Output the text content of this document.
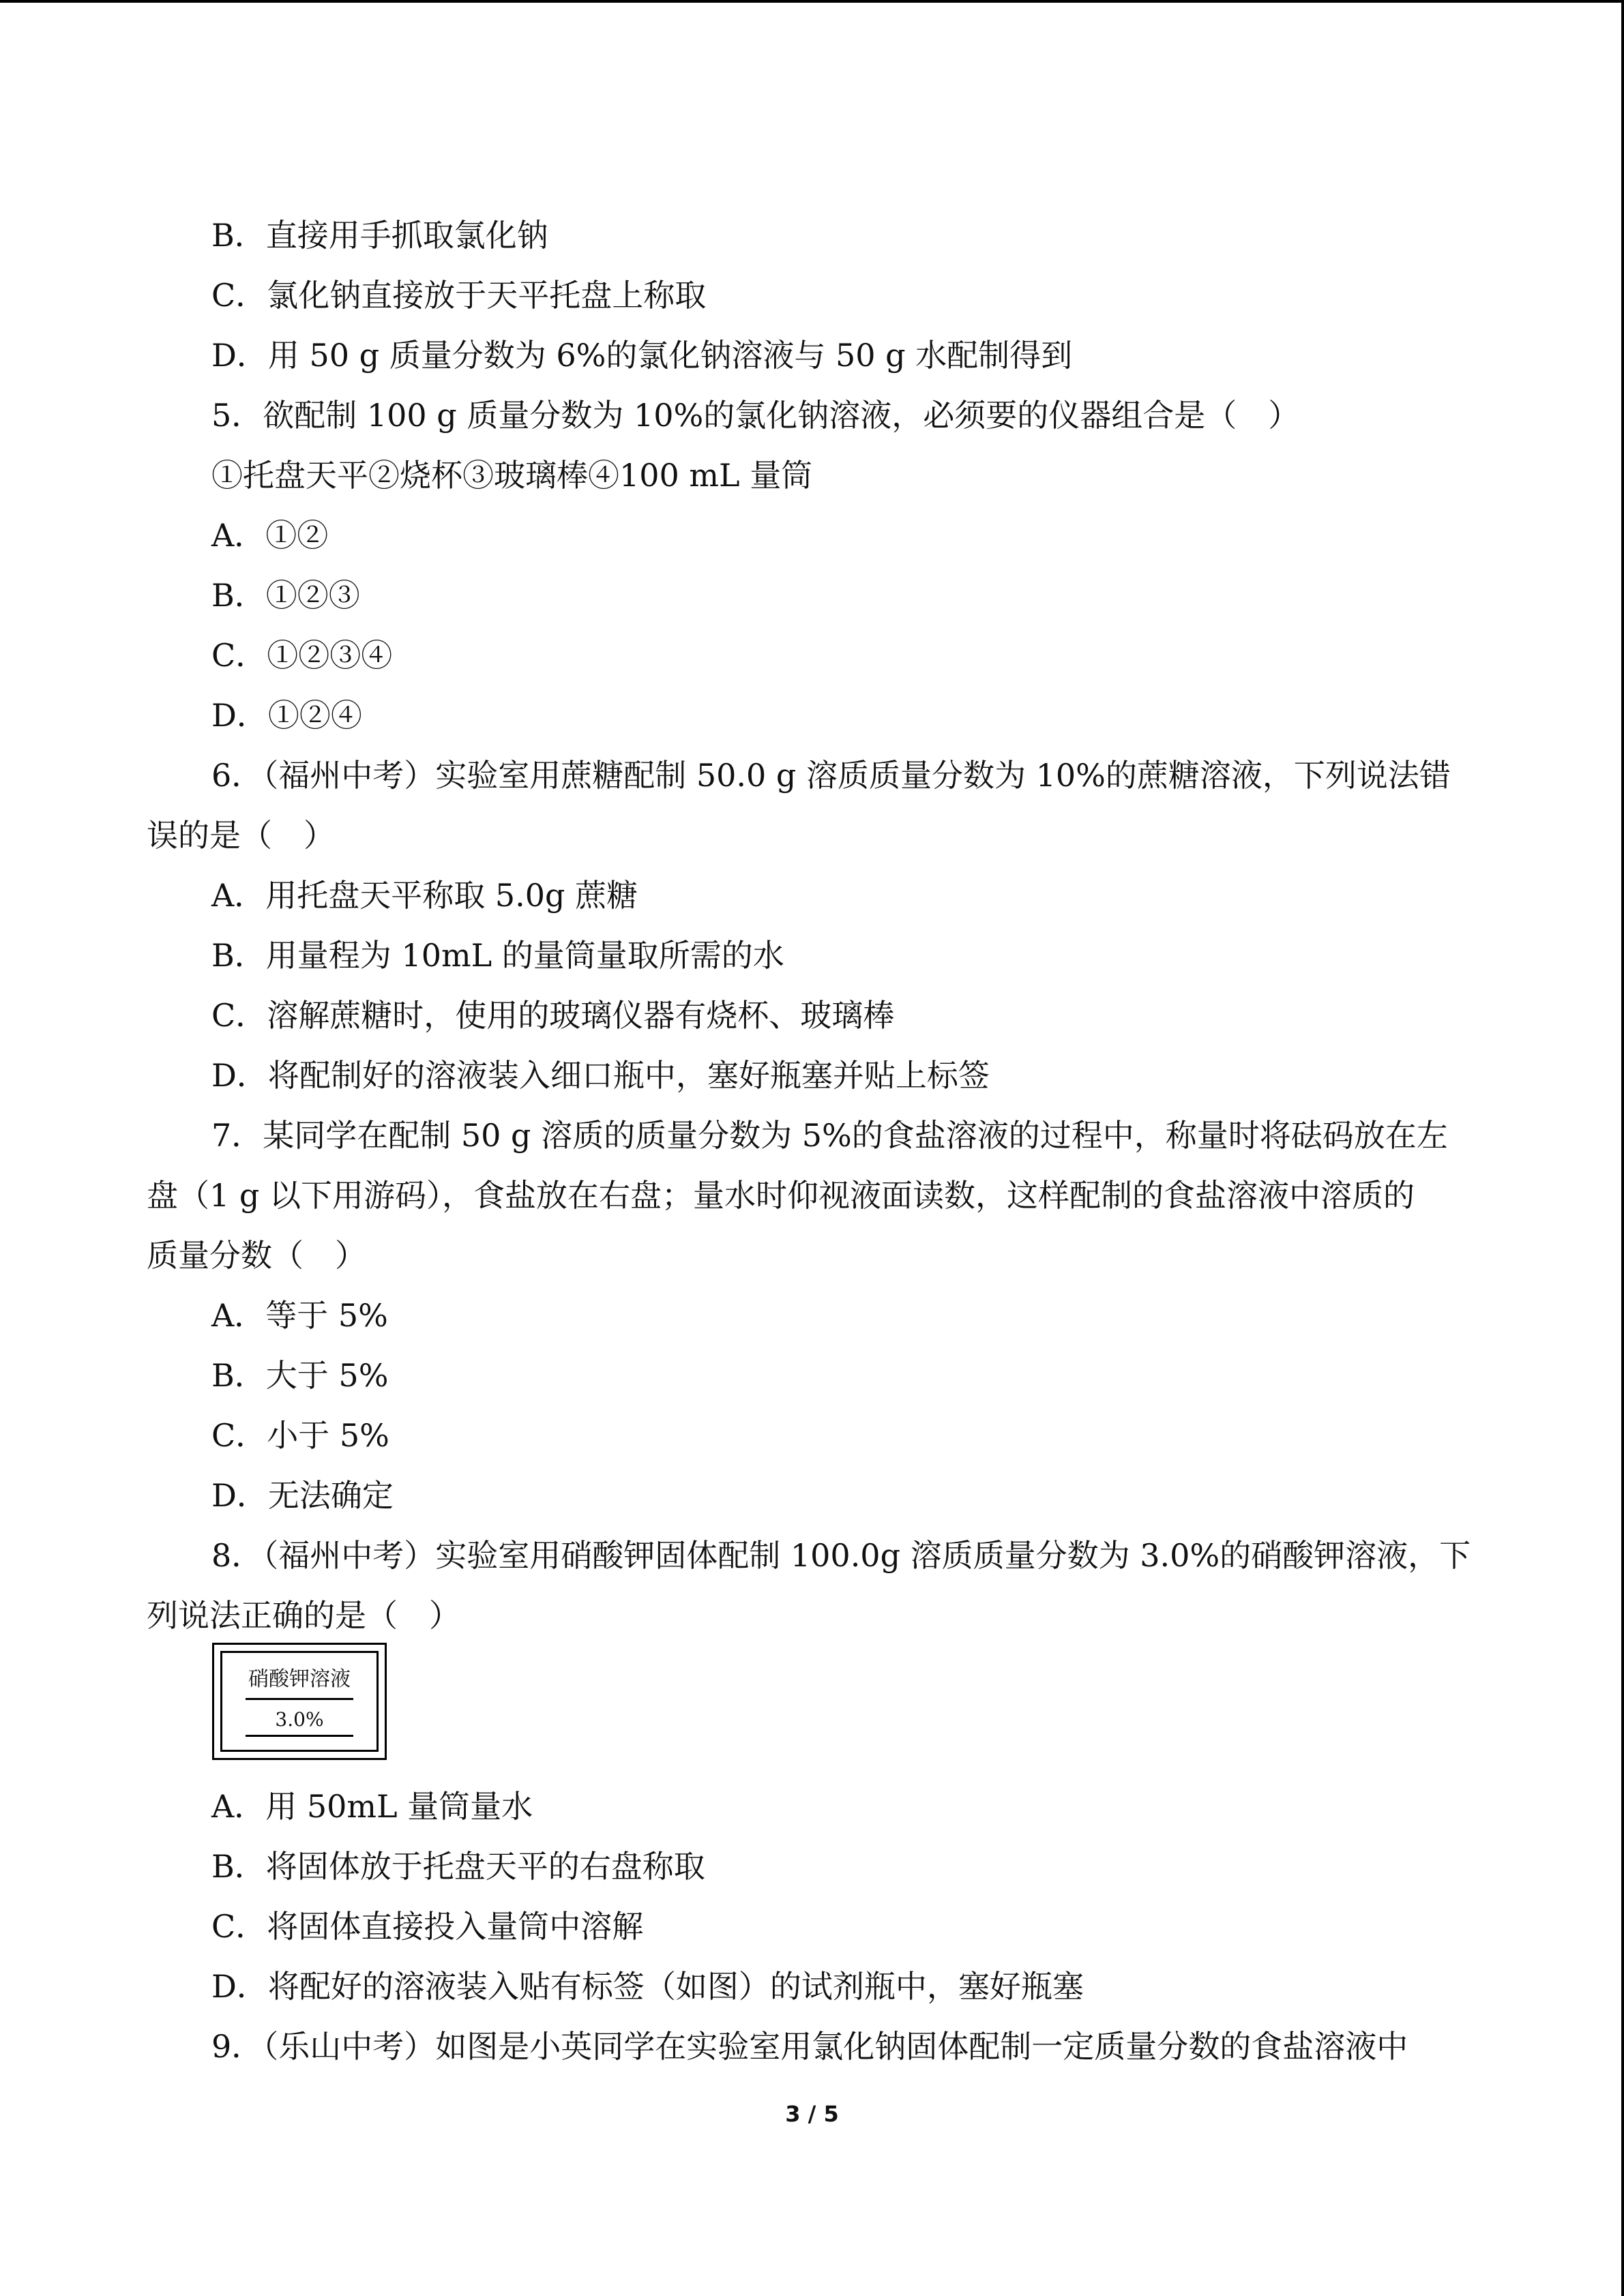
B．直接用手抓取氯化钠
C．氯化钠直接放于天平托盘上称取
D．用 50 g 质量分数为 6%的氯化钠溶液与 50 g 水配制得到
5．欲配制 100 g 质量分数为 10%的氯化钠溶液，必须要的仪器组合是（　）
①托盘天平②烧杯③玻璃棒④100 mL 量筒
A．①②
B．①②③
C．①②③④
D．①②④
6．（福州中考）实验室用蔗糖配制 50.0 g 溶质质量分数为 10%的蔗糖溶液，下列说法错
误的是（　）
A．用托盘天平称取 5.0g 蔗糖
B．用量程为 10mL 的量筒量取所需的水
C．溶解蔗糖时，使用的玻璃仪器有烧杯、玻璃棒
D．将配制好的溶液装入细口瓶中，塞好瓶塞并贴上标签
7．某同学在配制 50 g 溶质的质量分数为 5%的食盐溶液的过程中，称量时将砝码放在左
盘（1 g 以下用游码），食盐放在右盘；量水时仰视液面读数，这样配制的食盐溶液中溶质的
质量分数（　）
A．等于 5%
B．大于 5%
C．小于 5%
D．无法确定
8．（福州中考）实验室用硝酸钾固体配制 100.0g 溶质质量分数为 3.0%的硝酸钾溶液，下
列说法正确的是（　）
硝酸钾溶液
3.0%
A．用 50mL 量筒量水
B．将固体放于托盘天平的右盘称取
C．将固体直接投入量筒中溶解
D．将配好的溶液装入贴有标签（如图）的试剂瓶中，塞好瓶塞
9．（乐山中考）如图是小英同学在实验室用氯化钠固体配制一定质量分数的食盐溶液中
3 / 5
